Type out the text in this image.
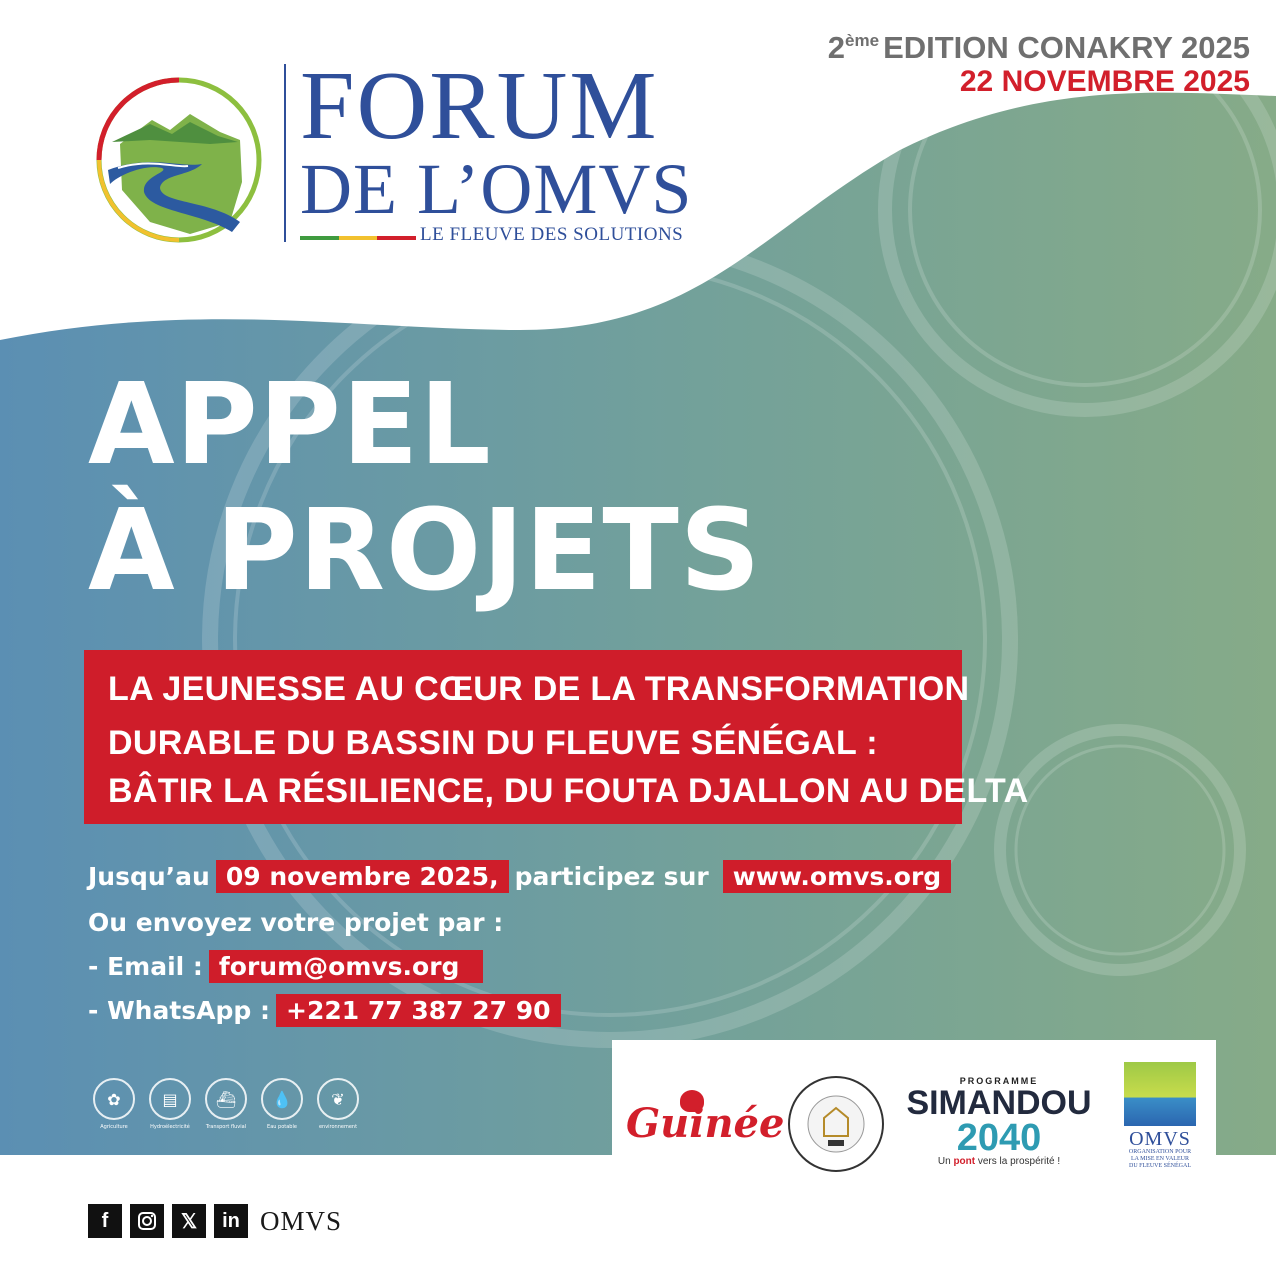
2ème EDITION CONAKRY 2025
22 NOVEMBRE 2025
FORUM
DE L’OMVS
LE FLEUVE DES SOLUTIONS
APPEL
À PROJETS
LA JEUNESSE AU CŒUR DE LA TRANSFORMATION
DURABLE DU BASSIN DU FLEUVE SÉNÉGAL :
BÂTIR LA RÉSILIENCE, DU FOUTA DJALLON AU DELTA
Jusqu’au 09 novembre 2025, participez sur www.omvs.org
Ou envoyez votre projet par :
- Email : forum@omvs.org
- WhatsApp : +221 77 387 27 90
✿
Agriculture
▤
Hydroélectricité
⛴
Transport fluvial
💧
Eau potable
❦
environnement	Guinée
PROGRAMME
SIMANDOU
2040
Un pont vers la prospérité !
OMVS
ORGANISATION POUR
LA MISE EN VALEUR
DU FLEUVE SÉNÉGAL
f	𝕏	in OMVS
